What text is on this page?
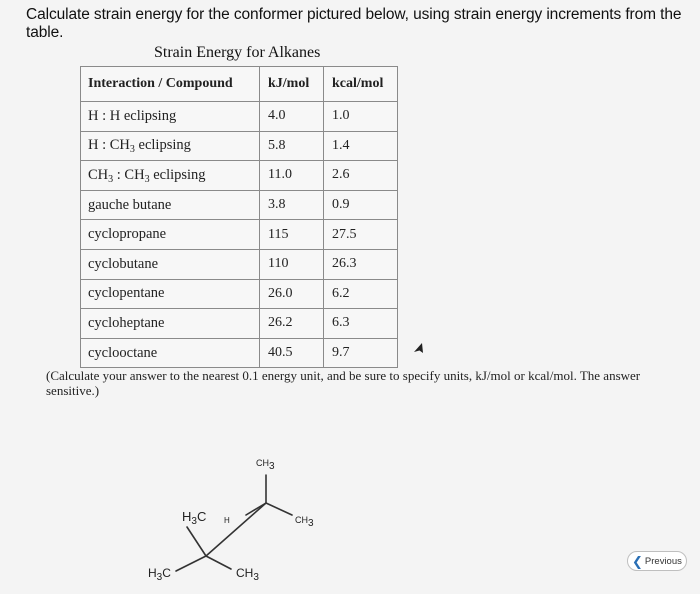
Calculate strain energy for the conformer pictured below, using strain energy increments from the table.
Strain Energy for Alkanes
Interaction / Compound	kJ/mol	kcal/mol
H : H eclipsing	4.0	1.0
H : $CH_3$ eclipsing	5.8	1.4
$CH_3$ : $CH_3$ eclipsing	11.0	2.6
gauche butane	3.8	0.9
cyclopropane	115	27.5
cyclobutane	110	26.3
cyclopentane	26.0	6.2
cycloheptane	26.2	6.3
cyclooctane	40.5	9.7
(Calculate your answer to the nearest 0.1 energy unit, and be sure to specify units, kJ/mol or kcal/mol. The answer
sensitive.)
$CH_3$
$H_3C$ H	$CH_3$
$H_3C$	$CH_3$
❮ Previous
